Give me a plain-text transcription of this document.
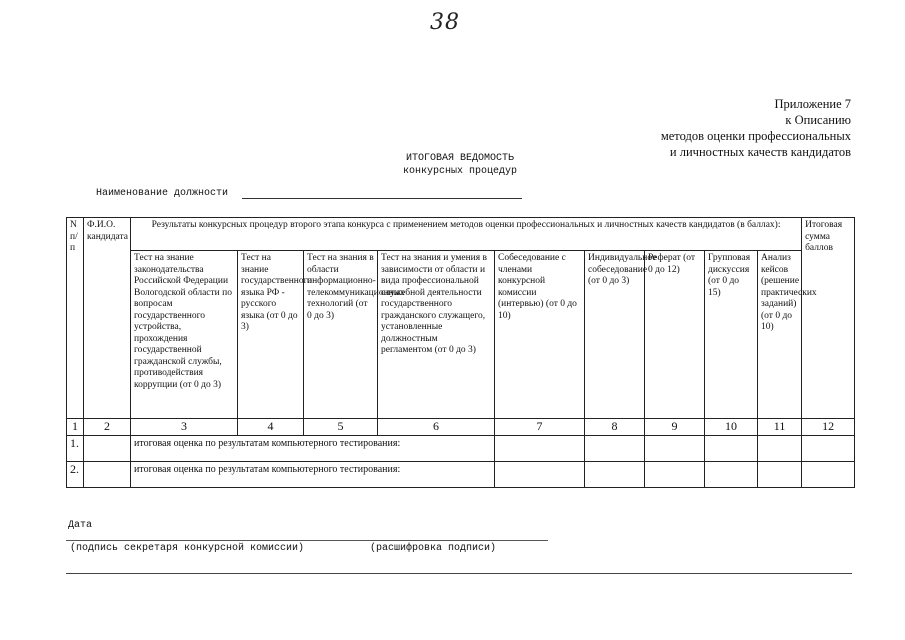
38
Приложение 7
к Описанию
методов оценки профессиональных
и личностных качеств кандидатов
ИТОГОВАЯ ВЕДОМОСТЬ
конкурсных процедур
Наименование должности
N п/п	Ф.И.О. кандидата	Результаты конкурсных процедур второго этапа конкурса с применением методов оценки профессиональных и личностных качеств кандидатов (в баллах):									Итоговая сумма баллов
		Тест на знание законодательства Российской Федерации Вологодской области по вопросам государственного устройства, прохождения государственной гражданской службы, противодействия коррупции (от 0 до 3)	Тест на знание государственного языка РФ - русского языка (от 0 до 3)	Тест на знания в области информационно-телекоммуникационных технологий (от 0 до 3)	Тест на знания и умения в зависимости от области и вида профессиональной служебной деятельности государственного гражданского служащего, установленные должностным регламентом (от 0 до 3)	Собеседование с членами конкурсной комиссии (интервью) (от 0 до 10)	Индивидуальное собеседование (от 0 до 3)	Реферат (от 0 до 12)	Групповая дискуссия (от 0 до 15)	Анализ кейсов (решение практических заданий) (от 0 до 10)	
1	2	3	4	5	6	7	8	9	10	11	12
1.		итоговая оценка по результатам компьютерного тестирования:									
2.		итоговая оценка по результатам компьютерного тестирования:									
Дата
(подпись секретаря конкурсной комиссии)	(расшифровка подписи)
